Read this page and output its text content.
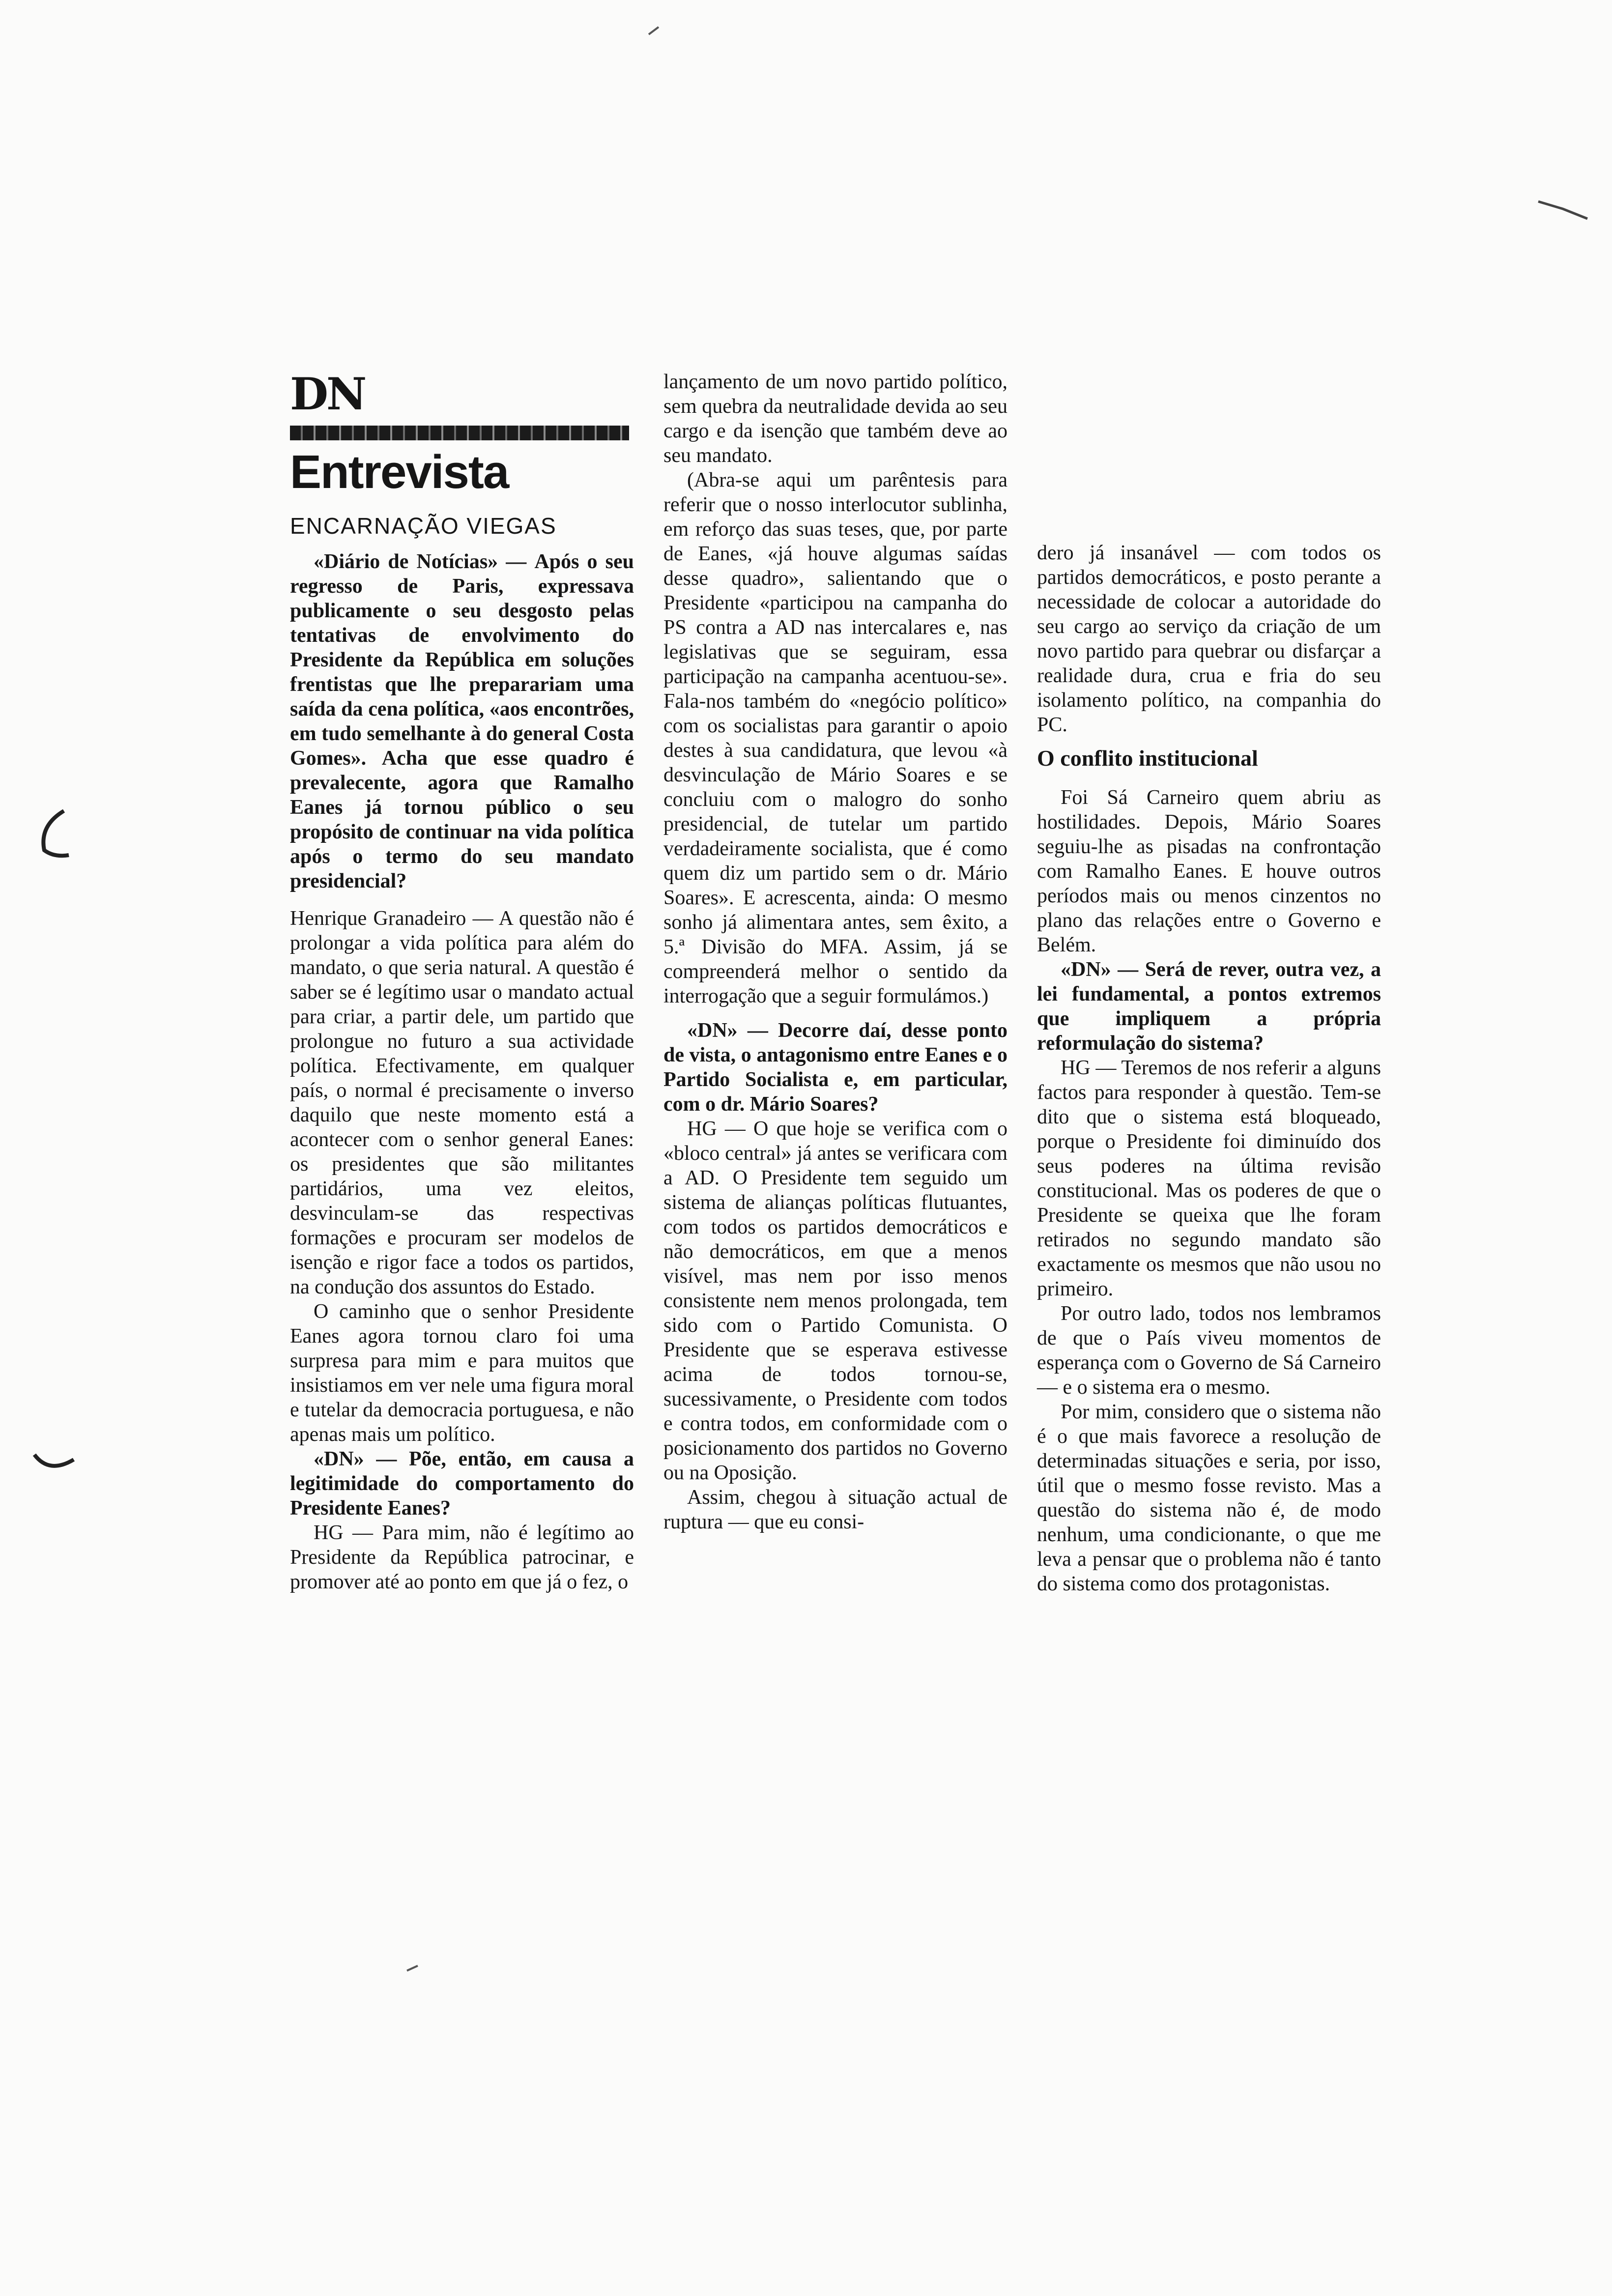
DN
Entrevista
ENCARNAÇÃO VIEGAS

«Diário de Notícias» — Após o seu regresso de Paris, expressava publicamente o seu desgosto pelas tentativas de envolvimento do Presidente da República em soluções frentistas que lhe preparariam uma saída da cena política, «aos encontrões, em tudo semelhante à do general Costa Gomes». Acha que esse quadro é prevalecente, agora que Ramalho Eanes já tornou público o seu propósito de continuar na vida política após o termo do seu mandato presidencial?

Henrique Granadeiro — A questão não é prolongar a vida política para além do mandato, o que seria natural. A questão é saber se é legítimo usar o mandato actual para criar, a partir dele, um partido que prolongue no futuro a sua actividade política. Efectivamente, em qualquer país, o normal é precisamente o inverso daquilo que neste momento está a acontecer com o senhor general Eanes: os presidentes que são militantes partidários, uma vez eleitos, desvinculam-se das respectivas formações e procuram ser modelos de isenção e rigor face a todos os partidos, na condução dos assuntos do Estado.

O caminho que o senhor Presidente Eanes agora tornou claro foi uma surpresa para mim e para muitos que insistiamos em ver nele uma figura moral e tutelar da democracia portuguesa, e não apenas mais um político.

«DN» — Põe, então, em causa a legitimidade do comportamento do Presidente Eanes?

HG — Para mim, não é legítimo ao Presidente da República patrocinar, e promover até ao ponto em que já o fez, o

lançamento de um novo partido político, sem quebra da neutralidade devida ao seu cargo e da isenção que também deve ao seu mandato.

(Abra-se aqui um parêntesis para referir que o nosso interlocutor sublinha, em reforço das suas teses, que, por parte de Eanes, «já houve algumas saídas desse quadro», salientando que o Presidente «participou na campanha do PS contra a AD nas intercalares e, nas legislativas que se seguiram, essa participação na campanha acentuou-se». Fala-nos também do «negócio político» com os socialistas para garantir o apoio destes à sua candidatura, que levou «à desvinculação de Mário Soares e se concluiu com o malogro do sonho presidencial, de tutelar um partido verdadeiramente socialista, que é como quem diz um partido sem o dr. Mário Soares». E acrescenta, ainda: O mesmo sonho já alimentara antes, sem êxito, a 5.ª Divisão do MFA. Assim, já se compreenderá melhor o sentido da interrogação que a seguir formulámos.)

«DN» — Decorre daí, desse ponto de vista, o antagonismo entre Eanes e o Partido Socialista e, em particular, com o dr. Mário Soares?

HG — O que hoje se verifica com o «bloco central» já antes se verificara com a AD. O Presidente tem seguido um sistema de alianças políticas flutuantes, com todos os partidos democráticos e não democráticos, em que a menos visível, mas nem por isso menos consistente nem menos prolongada, tem sido com o Partido Comunista. O Presidente que se esperava estivesse acima de todos tornou-se, sucessivamente, o Presidente com todos e contra todos, em conformidade com o posicionamento dos partidos no Governo ou na Oposição.

Assim, chegou à situação actual de ruptura — que eu consi-

dero já insanável — com todos os partidos democráticos, e posto perante a necessidade de colocar a autoridade do seu cargo ao serviço da criação de um novo partido para quebrar ou disfarçar a realidade dura, crua e fria do seu isolamento político, na companhia do PC.

O conflito institucional

Foi Sá Carneiro quem abriu as hostilidades. Depois, Mário Soares seguiu-lhe as pisadas na confrontação com Ramalho Eanes. E houve outros períodos mais ou menos cinzentos no plano das relações entre o Governo e Belém.

«DN» — Será de rever, outra vez, a lei fundamental, a pontos extremos que impliquem a própria reformulação do sistema?

HG — Teremos de nos referir a alguns factos para responder à questão. Tem-se dito que o sistema está bloqueado, porque o Presidente foi diminuído dos seus poderes na última revisão constitucional. Mas os poderes de que o Presidente se queixa que lhe foram retirados no segundo mandato são exactamente os mesmos que não usou no primeiro.

Por outro lado, todos nos lembramos de que o País viveu momentos de esperança com o Governo de Sá Carneiro — e o sistema era o mesmo.

Por mim, considero que o sistema não é o que mais favorece a resolução de determinadas situações e seria, por isso, útil que o mesmo fosse revisto. Mas a questão do sistema não é, de modo nenhum, uma condicionante, o que me leva a pensar que o problema não é tanto do sistema como dos protagonistas.
